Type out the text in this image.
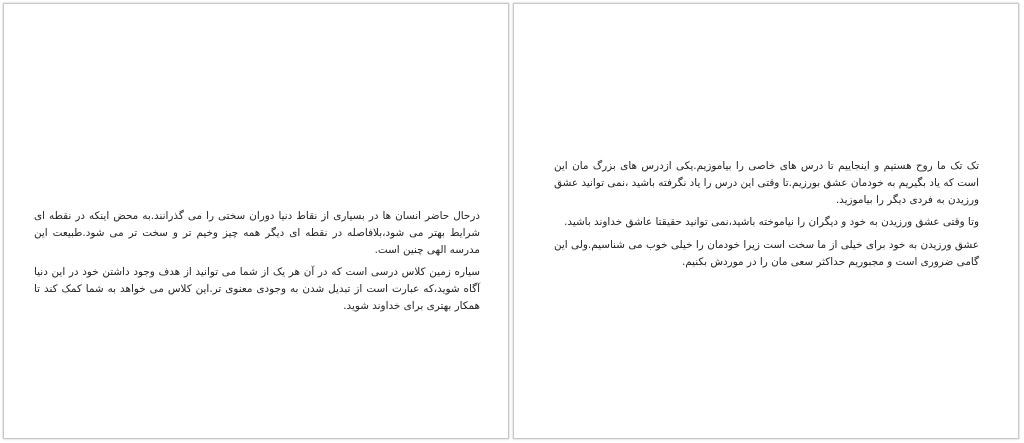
درحال حاضر انسان ها در بسیاری از نقاط دنیا دوران سختی را می گذرانند.به محض اینکه در نقطه ای شرایط بهتر می شود،بلافاصله در نقطه ای دیگر همه چیز وخیم تر و سخت تر می شود.طبیعت این مدرسه الهی چنین است.

سیاره زمین کلاس درسی است که در آن هر یک از شما می توانید از هدف وجود داشتن خود در این دنیا آگاه شوید،که عبارت است از تبدیل شدن به وجودی معنوی تر.این کلاس می خواهد به شما کمک کند تا همکار بهتری برای خداوند شوید.

تک تک ما روح هستیم و اینجاییم تا درس های خاصی را بیاموزیم.یکی ازدرس های بزرگ مان این است که یاد بگیریم به خودمان عشق بورزیم.تا وقتی این درس را یاد نگرفته باشید ،نمی توانید عشق ورزیدن به فردی دیگر را بیاموزید.

وتا وقتی عشق ورزیدن به خود و دیگران را نیاموخته باشید،نمی توانید حقیقتا عاشق خداوند باشید.

عشق ورزیدن به خود برای خیلی از ما سخت است زیرا خودمان را خیلی خوب می شناسیم.ولی این گامی ضروری است و مجبوریم حداکثر سعی مان را در موردش بکنیم.
